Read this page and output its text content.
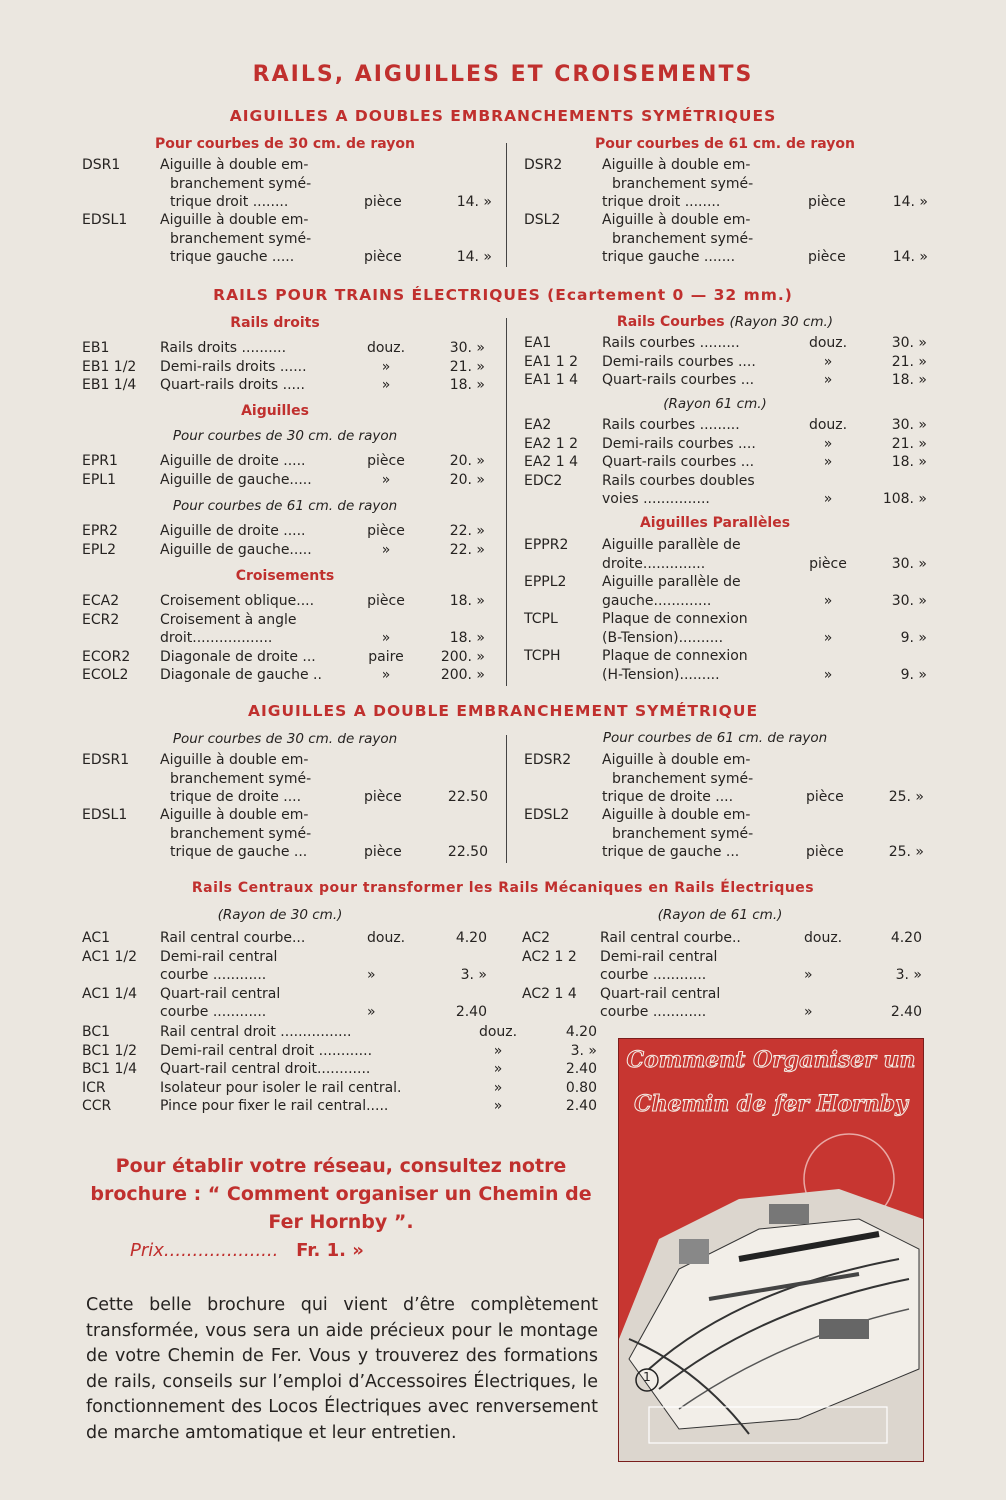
RAILS, AIGUILLES ET CROISEMENTS
AIGUILLES A DOUBLES EMBRANCHEMENTS SYMÉTRIQUES
Pour courbes de 30 cm. de rayon	Pour courbes de 61 cm. de rayon
DSR1	Aiguille à double em-
branchement symé-
trique droit ........	pièce	14. »
EDSL1 Aiguille à double em-
branchement symé-
trique gauche .....	pièce	14. »
DSR2	Aiguille à double em-
branchement symé-
trique droit ........	pièce	14. »
DSL2	Aiguille à double em-
branchement symé-
trique gauche .......	pièce	14. »
RAILS POUR TRAINS ÉLECTRIQUES (Ecartement 0 — 32 mm.)
Rails droits
Aiguilles
Pour courbes de 30 cm. de rayon
Pour courbes de 61 cm. de rayon
Croisements
Rails Courbes (Rayon 30 cm.)
(Rayon 61 cm.)
Aiguilles Parallèles
EB1	Rails droits ..........	douz.	30. »
EB1 1/2 Demi-rails droits ......	»	21. »
EB1 1/4 Quart-rails droits .....	»	18. »
EPR1	Aiguille de droite .....	pièce	20. »
EPL1	Aiguille de gauche.....	»	20. »
EPR2	Aiguille de droite .....	pièce	22. »
EPL2	Aiguille de gauche.....	»	22. »
ECA2	Croisement oblique....	pièce	18. »
ECR2	Croisement à angle
droit..................	»	18. »
ECOR2 Diagonale de droite ...	paire	200. »
ECOL2 Diagonale de gauche ..	»	200. »
EA1	Rails courbes .........	douz.	30. »
EA1 1 2 Demi-rails courbes ....	»	21. »
EA1 1 4 Quart-rails courbes ...	»	18. »
EA2	Rails courbes .........	douz.	30. »
EA2 1 2 Demi-rails courbes ....	»	21. »
EA2 1 4 Quart-rails courbes ...	»	18. »
EDC2	Rails courbes doubles
voies ...............	»	108. »
EPPR2 Aiguille parallèle de
droite..............	pièce	30. »
EPPL2	Aiguille parallèle de
gauche.............	»	30. »
TCPL	Plaque de connexion
(B-Tension)..........	»	9. »
TCPH	Plaque de connexion
(H-Tension).........	»	9. »
AIGUILLES A DOUBLE EMBRANCHEMENT SYMÉTRIQUE
Pour courbes de 30 cm. de rayon	Pour courbes de 61 cm. de rayon
EDSR1 Aiguille à double em-
branchement symé-
trique de droite ....	pièce	22.50
EDSL1 Aiguille à double em-
branchement symé-
trique de gauche ...	pièce	22.50
EDSR2 Aiguille à double em-
branchement symé-
trique de droite ....	pièce	25. »
EDSL2 Aiguille à double em-
branchement symé-
trique de gauche ...	pièce	25. »
Rails Centraux pour transformer les Rails Mécaniques en Rails Électriques
(Rayon de 30 cm.)	(Rayon de 61 cm.)
AC1	Rail central courbe...	douz.	4.20
AC1 1/2 Demi-rail central
courbe ............	»	3. »
AC1 1/4 Quart-rail central
courbe ............	»	2.40
AC2	Rail central courbe..	douz.	4.20
AC2 1 2 Demi-rail central
courbe ............	»	3. »
AC2 1 4 Quart-rail central
courbe ............	»	2.40
BC1	Rail central droit ................	douz.	4.20
BC1 1/2 Demi-rail central droit ............	»	3. »
BC1 1/4 Quart-rail central droit............	»	2.40
ICR	Isolateur pour isoler le rail central.	»	0.80
CCR	Pince pour fixer le rail central.....	»	2.40
Pour établir votre réseau, consultez notre brochure : “ Comment organiser un Chemin de Fer Hornby ”.
Prix.................... Fr. 1. »
Cette belle brochure qui vient d’être complètement transformée, vous sera un aide précieux pour le montage de votre Chemin de Fer. Vous y trouverez des formations de rails, conseils sur l’emploi d’Accessoires Électriques, le fonctionnement des Locos Électriques avec renversement de marche amtomatique et leur entretien.
Comment Organiser un
Chemin de fer Hornby
1
